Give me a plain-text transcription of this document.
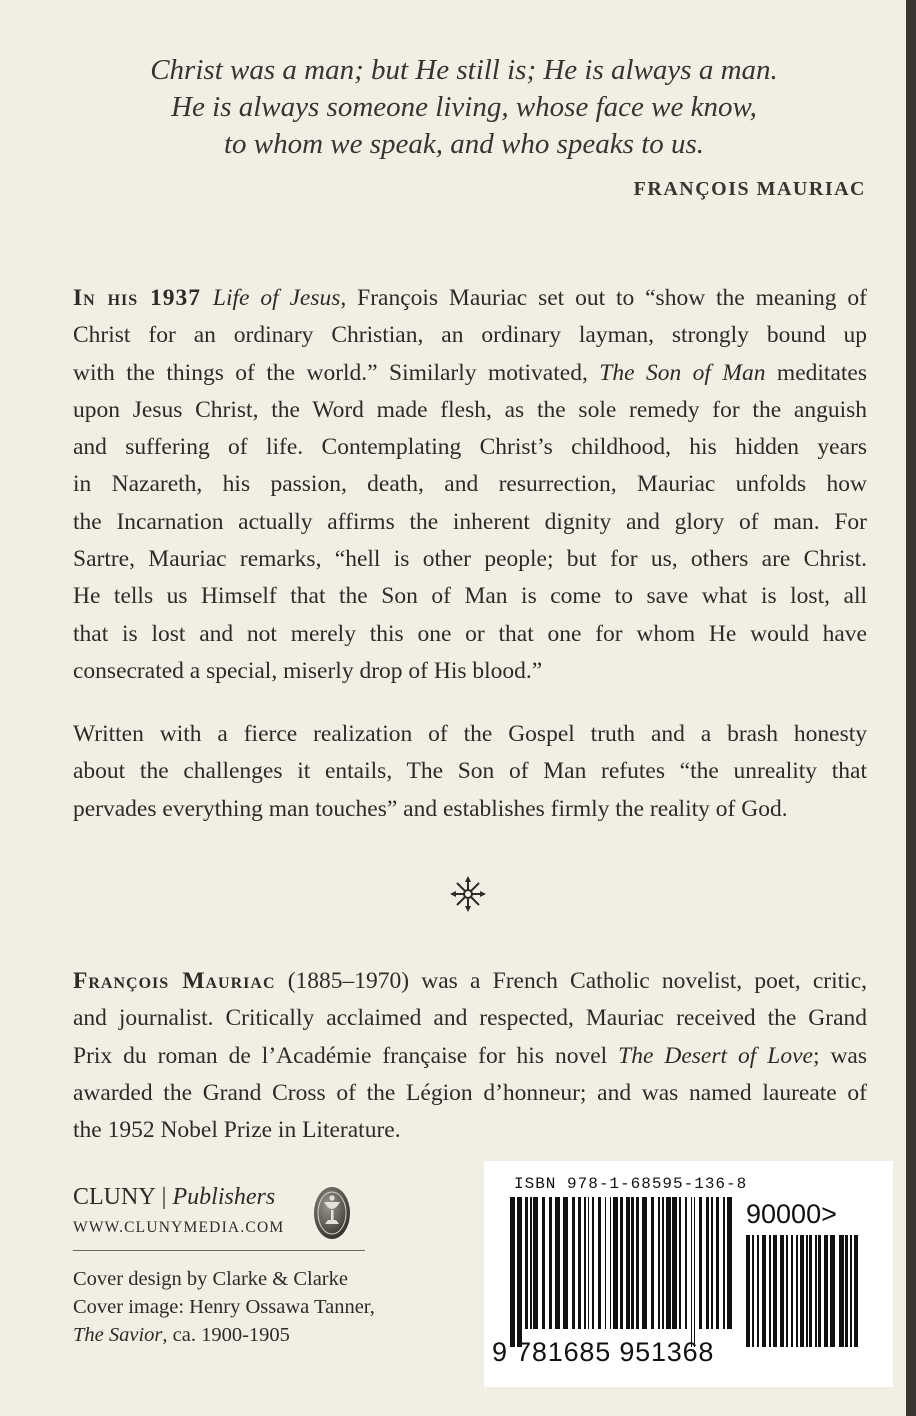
Christ was a man; but He still is; He is always a man.
He is always someone living, whose face we know,
to whom we speak, and who speaks to us.
FRANÇOIS MAURIAC
In his 1937 Life of Jesus, François Mauriac set out to “show the meaning of
Christ for an ordinary Christian, an ordinary layman, strongly bound up
with the things of the world.” Similarly motivated, The Son of Man meditates
upon Jesus Christ, the Word made flesh, as the sole remedy for the anguish
and suffering of life. Contemplating Christ’s childhood, his hidden years
in Nazareth, his passion, death, and resurrection, Mauriac unfolds how
the Incarnation actually affirms the inherent dignity and glory of man. For
Sartre, Mauriac remarks, “hell is other people; but for us, others are Christ.
He tells us Himself that the Son of Man is come to save what is lost, all
that is lost and not merely this one or that one for whom He would have
consecrated a special, miserly drop of His blood.”
Written with a fierce realization of the Gospel truth and a brash honesty
about the challenges it entails, The Son of Man refutes “the unreality that
pervades everything man touches” and establishes firmly the reality of God.
François Mauriac (1885–1970) was a French Catholic novelist, poet, critic,
and journalist. Critically acclaimed and respected, Mauriac received the Grand
Prix du roman de l’Académie française for his novel The Desert of Love; was
awarded the Grand Cross of the Légion d’honneur; and was named laureate of
the 1952 Nobel Prize in Literature.
CLUNY | Publishers
WWW.CLUNYMEDIA.COM
Cover design by Clarke & Clarke
Cover image: Henry Ossawa Tanner,
The Savior, ca. 1900-1905
ISBN 978-1-68595-136-8
90000>
9 781685 951368
